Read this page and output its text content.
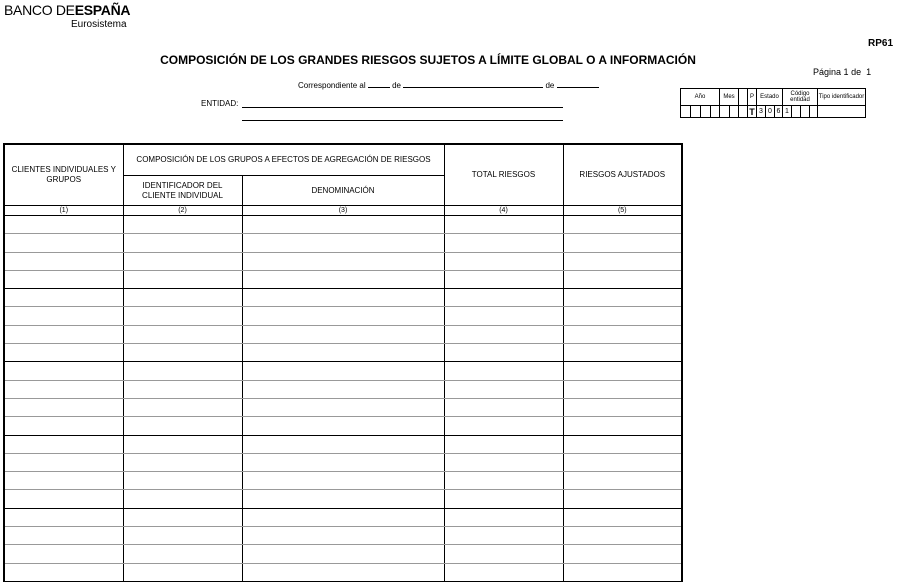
BANCO DEESPAÑA
Eurosistema
RP61
COMPOSICIÓN DE LOS GRANDES RIESGOS SUJETOS A LÍMITE GLOBAL O A INFORMACIÓN
Página 1 de 1
Correspondiente al	de	de
ENTIDAD:
Año				Mes			P	Estado			Código entidad				Tipo identificador
							T	3	0	6	1				
CLIENTES INDIVIDUALES Y GRUPOS	COMPOSICIÓN DE LOS GRUPOS A EFECTOS DE AGREGACIÓN DE RIESGOS		TOTAL RIESGOS	RIESGOS AJUSTADOS
	IDENTIFICADOR DEL CLIENTE INDIVIDUAL	DENOMINACIÓN		
(1)	(2)	(3)	(4)	(5)
